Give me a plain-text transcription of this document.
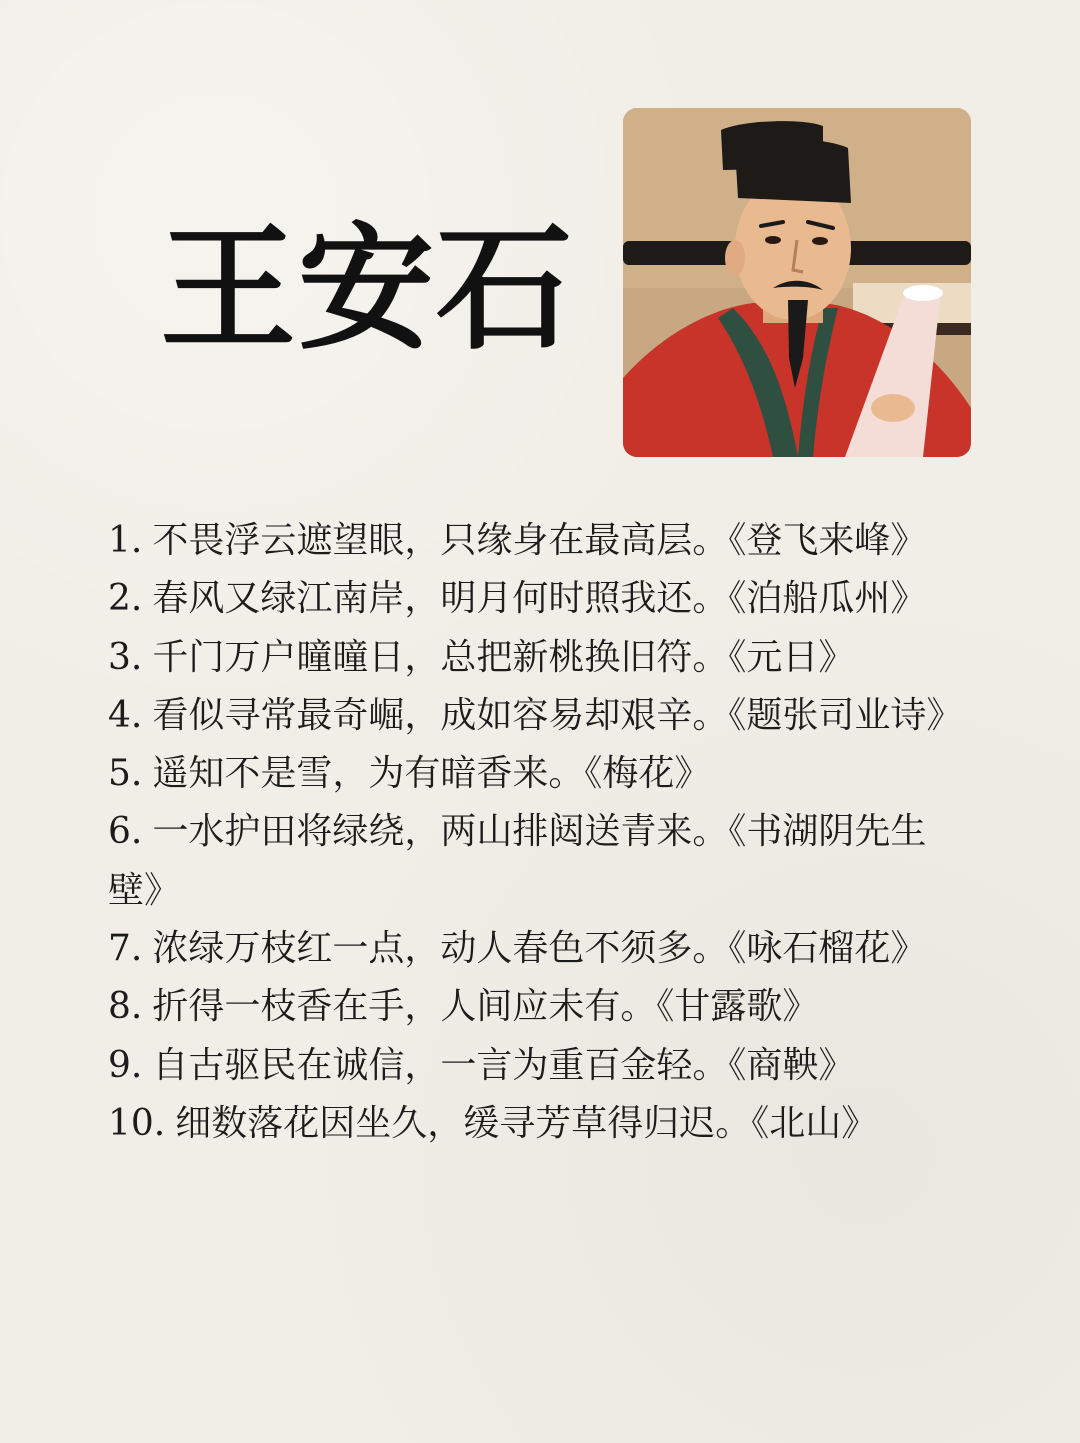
王安石
1. 不畏浮云遮望眼，只缘身在最高层。《登飞来峰》
2. 春风又绿江南岸，明月何时照我还。《泊船瓜州》
3. 千门万户曈曈日，总把新桃换旧符。《元日》
4. 看似寻常最奇崛，成如容易却艰辛。《题张司业诗》
5. 遥知不是雪，为有暗香来。《梅花》
6. 一水护田将绿绕，两山排闼送青来。《书湖阴先生壁》
7. 浓绿万枝红一点，动人春色不须多。《咏石榴花》
8. 折得一枝香在手，人间应未有。《甘露歌》
9. 自古驱民在诚信，一言为重百金轻。《商鞅》
10. 细数落花因坐久，缓寻芳草得归迟。《北山》
